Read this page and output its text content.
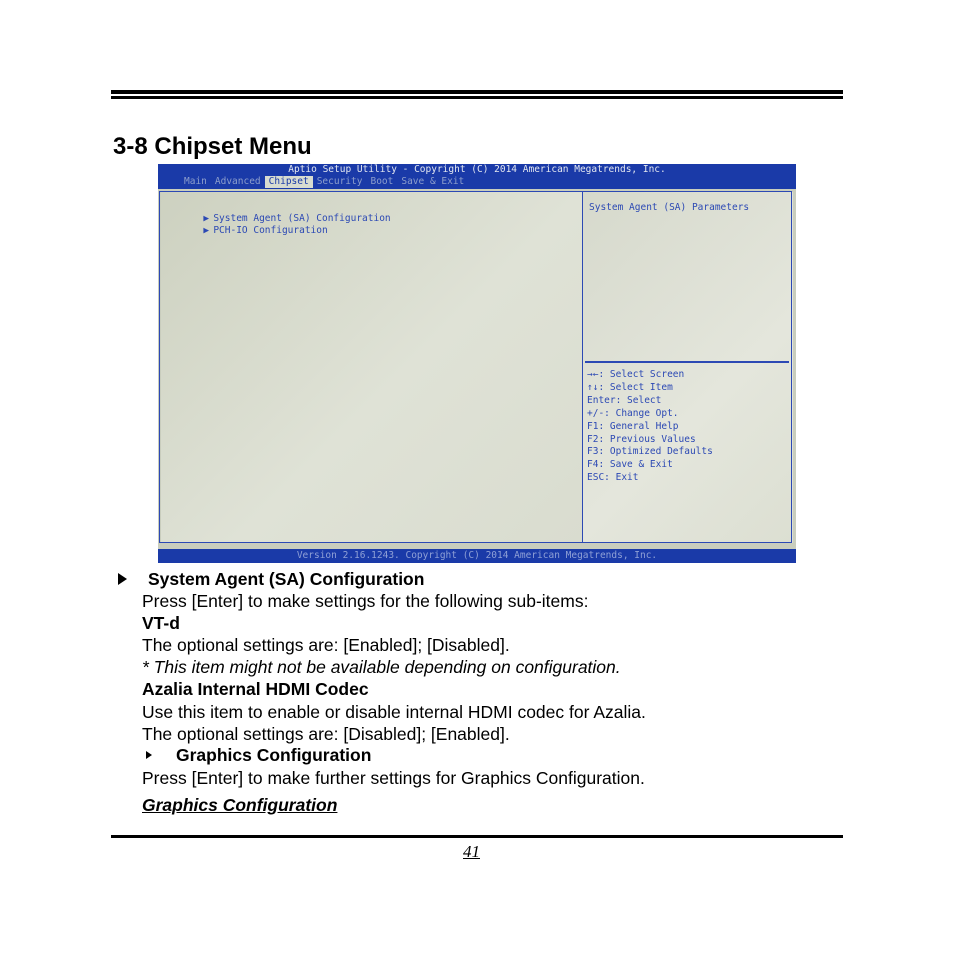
3-8 Chipset Menu
Aptio Setup Utility - Copyright (C) 2014 American Megatrends, Inc.
Main Advanced Chipset Security Boot Save & Exit

▶ System Agent (SA) Configuration

▶ PCH-IO Configuration

System Agent (SA) Parameters
→←: Select Screen
↑↓: Select Item
Enter: Select
+/-: Change Opt.
F1: General Help
F2: Previous Values
F3: Optimized Defaults
F4: Save & Exit
ESC: Exit
Version 2.16.1243. Copyright (C) 2014 American Megatrends, Inc.
System Agent (SA) Configuration
Press [Enter] to make settings for the following sub-items:
VT-d
The optional settings are: [Enabled]; [Disabled].
* This item might not be available depending on configuration.
Azalia Internal HDMI Codec
Use this item to enable or disable internal HDMI codec for Azalia.
The optional settings are: [Disabled]; [Enabled].
Graphics Configuration
Press [Enter] to make further settings for Graphics Configuration.
Graphics Configuration
41
